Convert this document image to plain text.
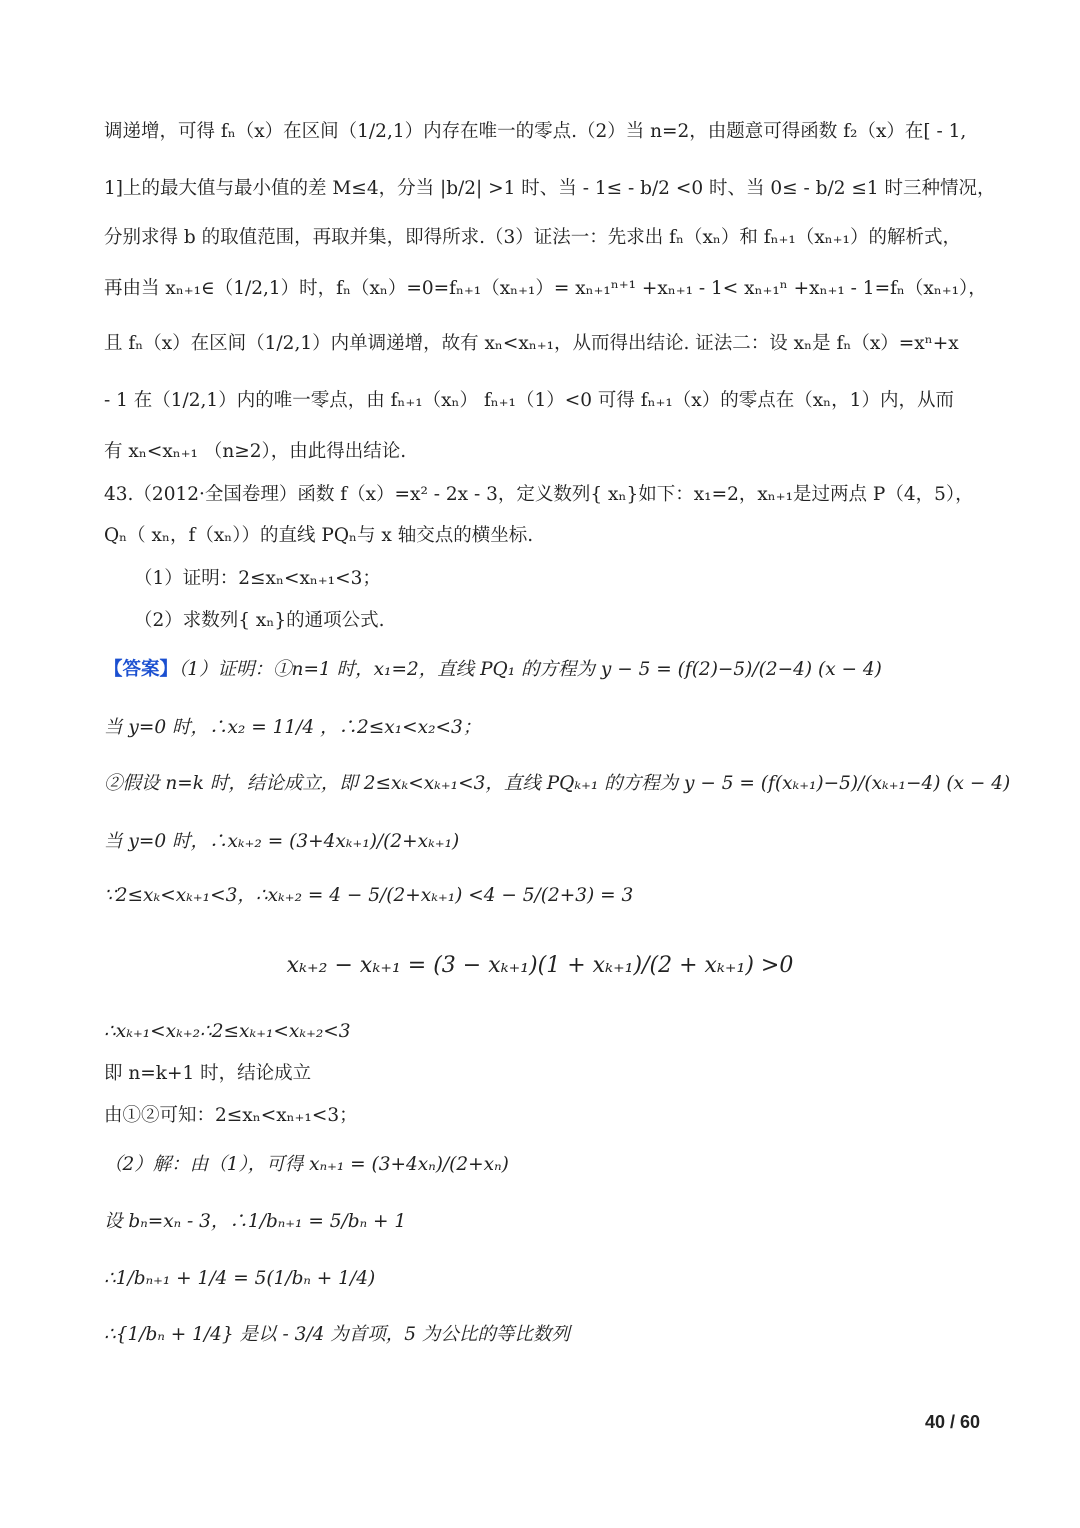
调递增，可得 fₙ（x）在区间（1/2,1）内存在唯一的零点.（2）当 n=2，由题意可得函数 f₂（x）在[ - 1,
1]上的最大值与最小值的差 M≤4，分当 |b/2| >1 时、当 - 1≤ - b/2 <0 时、当 0≤ - b/2 ≤1 时三种情况，
分别求得 b 的取值范围，再取并集，即得所求.（3）证法一：先求出 fₙ（xₙ）和 fₙ₊₁（xₙ₊₁）的解析式，
再由当 xₙ₊₁∈（1/2,1）时，fₙ（xₙ）=0=fₙ₊₁（xₙ₊₁）= xₙ₊₁ⁿ⁺¹ +xₙ₊₁ - 1< xₙ₊₁ⁿ +xₙ₊₁ - 1=fₙ（xₙ₊₁），
且 fₙ（x）在区间（1/2,1）内单调递增，故有 xₙ<xₙ₊₁，从而得出结论. 证法二：设 xₙ是 fₙ（x）=xⁿ+x
- 1 在（1/2,1）内的唯一零点，由 fₙ₊₁（xₙ） fₙ₊₁（1）<0 可得 fₙ₊₁（x）的零点在（xₙ，1）内，从而
有 xₙ<xₙ₊₁ （n≥2），由此得出结论.
43.（2012·全国卷理）函数 f（x）=x² - 2x - 3，定义数列{ xₙ}如下：x₁=2，xₙ₊₁是过两点 P（4，5），
Qₙ（ xₙ，f（xₙ））的直线 PQₙ与 x 轴交点的横坐标.
（1）证明：2≤xₙ<xₙ₊₁<3；
（2）求数列{ xₙ}的通项公式.
【答案】（1）证明：①n=1 时，x₁=2，直线 PQ₁ 的方程为 y − 5 = (f(2)−5)/(2−4) (x − 4)
当 y=0 时，∴x₂ = 11/4 ，∴2≤x₁<x₂<3；
②假设 n=k 时，结论成立，即 2≤xₖ<xₖ₊₁<3，直线 PQₖ₊₁ 的方程为 y − 5 = (f(xₖ₊₁)−5)/(xₖ₊₁−4) (x − 4)
当 y=0 时，∴xₖ₊₂ = (3+4xₖ₊₁)/(2+xₖ₊₁)
∵2≤xₖ<xₖ₊₁<3，∴xₖ₊₂ = 4 − 5/(2+xₖ₊₁) <4 − 5/(2+3) = 3
xₖ₊₂ − xₖ₊₁ = (3 − xₖ₊₁)(1 + xₖ₊₁)/(2 + xₖ₊₁) >0
∴xₖ₊₁<xₖ₊₂∴2≤xₖ₊₁<xₖ₊₂<3
即 n=k+1 时，结论成立
由①②可知：2≤xₙ<xₙ₊₁<3；
（2）解：由（1），可得 xₙ₊₁ = (3+4xₙ)/(2+xₙ)
设 bₙ=xₙ - 3，∴1/bₙ₊₁ = 5/bₙ + 1
∴1/bₙ₊₁ + 1/4 = 5(1/bₙ + 1/4)
∴{1/bₙ + 1/4} 是以 - 3/4 为首项，5 为公比的等比数列
40 / 60
